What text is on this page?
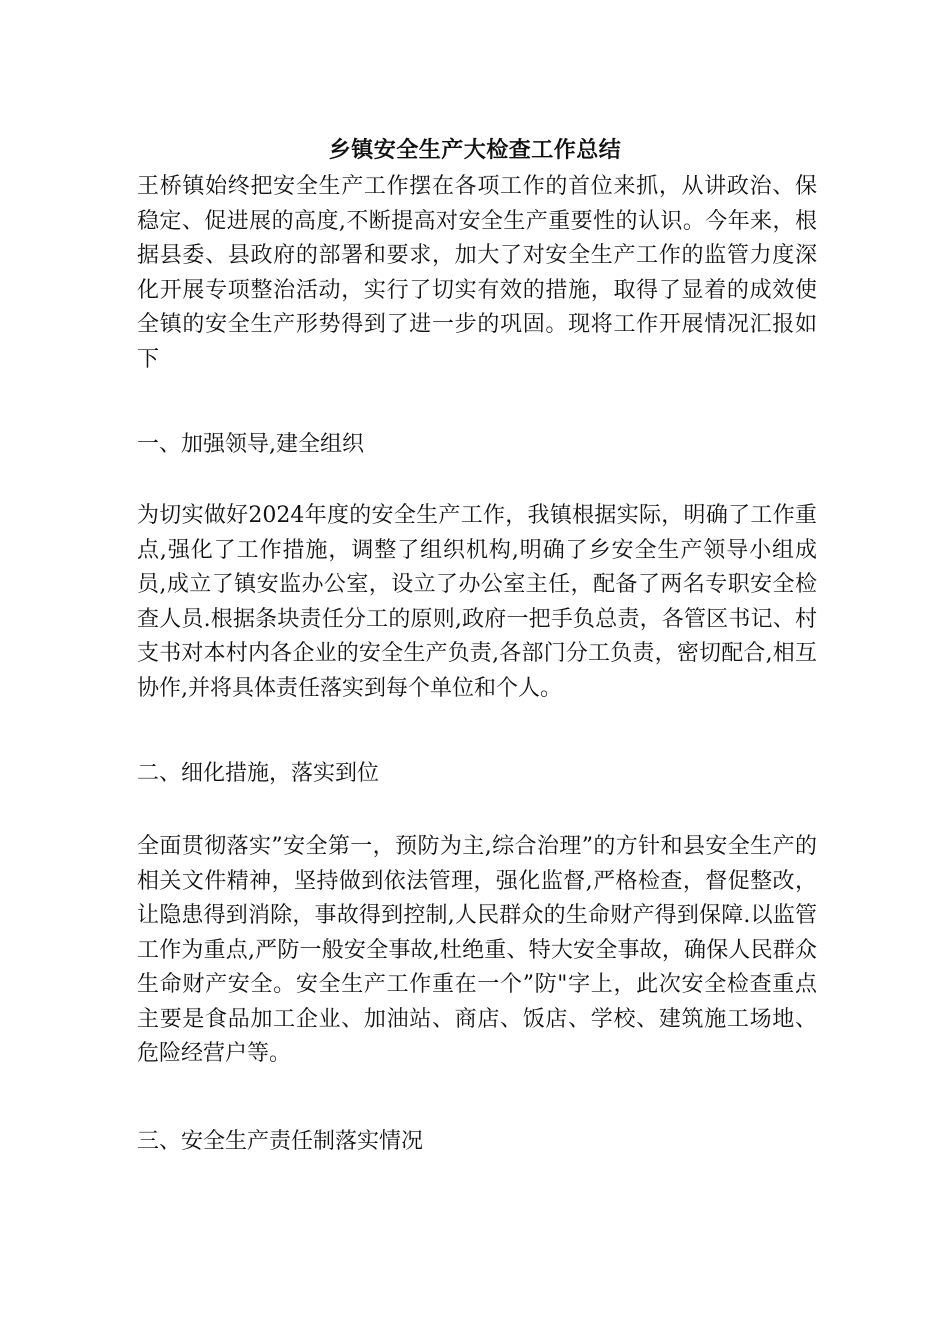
乡镇安全生产大检查工作总结

王桥镇始终把安全生产工作摆在各项工作的首位来抓，从讲政治、保稳定、促进展的高度,不断提高对安全生产重要性的认识。今年来，根据县委、县政府的部署和要求，加大了对安全生产工作的监管力度深化开展专项整治活动，实行了切实有效的措施，取得了显着的成效使全镇的安全生产形势得到了进一步的巩固。现将工作开展情况汇报如下

一、加强领导,建全组织

为切实做好2024年度的安全生产工作，我镇根据实际，明确了工作重点,强化了工作措施，调整了组织机构,明确了乡安全生产领导小组成员,成立了镇安监办公室，设立了办公室主任，配备了两名专职安全检查人员.根据条块责任分工的原则,政府一把手负总责，各管区书记、村支书对本村内各企业的安全生产负责,各部门分工负责，密切配合,相互协作,并将具体责任落实到每个单位和个人。

二、细化措施，落实到位

全面贯彻落实”安全第一，预防为主,综合治理”的方针和县安全生产的相关文件精神，坚持做到依法管理，强化监督,严格检查，督促整改，让隐患得到消除，事故得到控制,人民群众的生命财产得到保障.以监管工作为重点,严防一般安全事故,杜绝重、特大安全事故，确保人民群众生命财产安全。安全生产工作重在一个”防"字上，此次安全检查重点主要是食品加工企业、加油站、商店、饭店、学校、建筑施工场地、危险经营户等。

三、安全生产责任制落实情况
